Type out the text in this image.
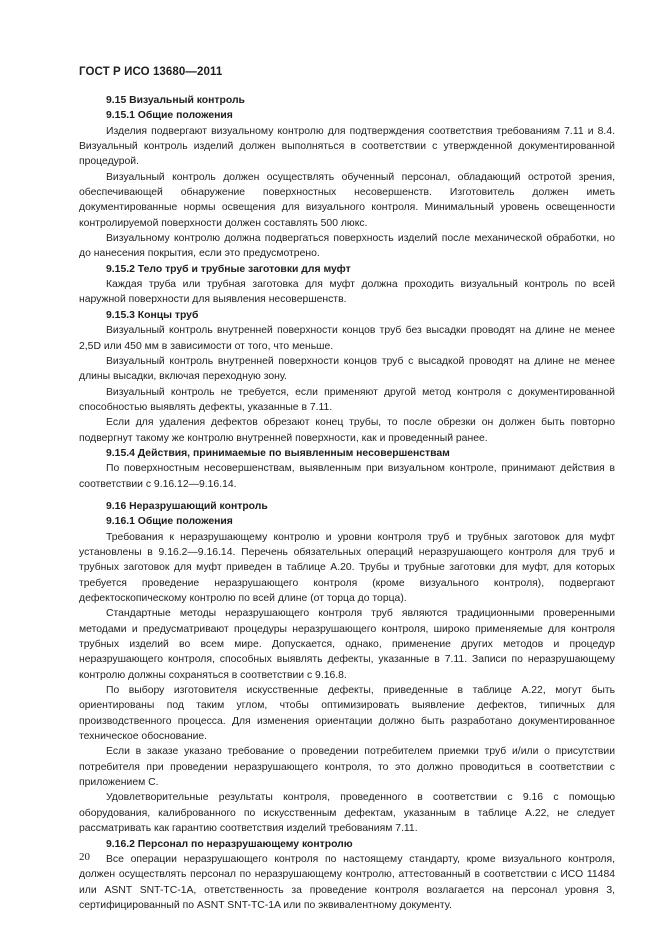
ГОСТ Р ИСО 13680—2011
9.15 Визуальный контроль
9.15.1 Общие положения
Изделия подвергают визуальному контролю для подтверждения соответствия требованиям 7.11 и 8.4. Визуальный контроль изделий должен выполняться в соответствии с утвержденной документированной процедурой.
Визуальный контроль должен осуществлять обученный персонал, обладающий остротой зрения, обеспечивающей обнаружение поверхностных несовершенств. Изготовитель должен иметь документированные нормы освещения для визуального контроля. Минимальный уровень освещенности контролируемой поверхности должен составлять 500 люкс.
Визуальному контролю должна подвергаться поверхность изделий после механической обработки, но до нанесения покрытия, если это предусмотрено.
9.15.2 Тело труб и трубные заготовки для муфт
Каждая труба или трубная заготовка для муфт должна проходить визуальный контроль по всей наружной поверхности для выявления несовершенств.
9.15.3 Концы труб
Визуальный контроль внутренней поверхности концов труб без высадки проводят на длине не менее 2,5D или 450 мм в зависимости от того, что меньше.
Визуальный контроль внутренней поверхности концов труб с высадкой проводят на длине не менее длины высадки, включая переходную зону.
Визуальный контроль не требуется, если применяют другой метод контроля с документированной способностью выявлять дефекты, указанные в 7.11.
Если для удаления дефектов обрезают конец трубы, то после обрезки он должен быть повторно подвергнут такому же контролю внутренней поверхности, как и проведенный ранее.
9.15.4 Действия, принимаемые по выявленным несовершенствам
По поверхностным несовершенствам, выявленным при визуальном контроле, принимают действия в соответствии с 9.16.12—9.16.14.
9.16 Неразрушающий контроль
9.16.1 Общие положения
Требования к неразрушающему контролю и уровни контроля труб и трубных заготовок для муфт установлены в 9.16.2—9.16.14. Перечень обязательных операций неразрушающего контроля для труб и трубных заготовок для муфт приведен в таблице A.20. Трубы и трубные заготовки для муфт, для которых требуется проведение неразрушающего контроля (кроме визуального контроля), подвергают дефектоскопическому контролю по всей длине (от торца до торца).
Стандартные методы неразрушающего контроля труб являются традиционными проверенными методами и предусматривают процедуры неразрушающего контроля, широко применяемые для контроля трубных изделий во всем мире. Допускается, однако, применение других методов и процедур неразрушающего контроля, способных выявлять дефекты, указанные в 7.11. Записи по неразрушающему контролю должны сохраняться в соответствии с 9.16.8.
По выбору изготовителя искусственные дефекты, приведенные в таблице A.22, могут быть ориентированы под таким углом, чтобы оптимизировать выявление дефектов, типичных для производственного процесса. Для изменения ориентации должно быть разработано документированное техническое обоснование.
Если в заказе указано требование о проведении потребителем приемки труб и/или о присутствии потребителя при проведении неразрушающего контроля, то это должно проводиться в соответствии с приложением C.
Удовлетворительные результаты контроля, проведенного в соответствии с 9.16 с помощью оборудования, калиброванного по искусственным дефектам, указанным в таблице A.22, не следует рассматривать как гарантию соответствия изделий требованиям 7.11.
9.16.2 Персонал по неразрушающему контролю
Все операции неразрушающего контроля по настоящему стандарту, кроме визуального контроля, должен осуществлять персонал по неразрушающему контролю, аттестованный в соответствии с ИСО 11484 или ASNT SNT-TC-1A, ответственность за проведение контроля возлагается на персонал уровня 3, сертифицированный по ASNT SNT-TC-1A или по эквивалентному документу.
20
